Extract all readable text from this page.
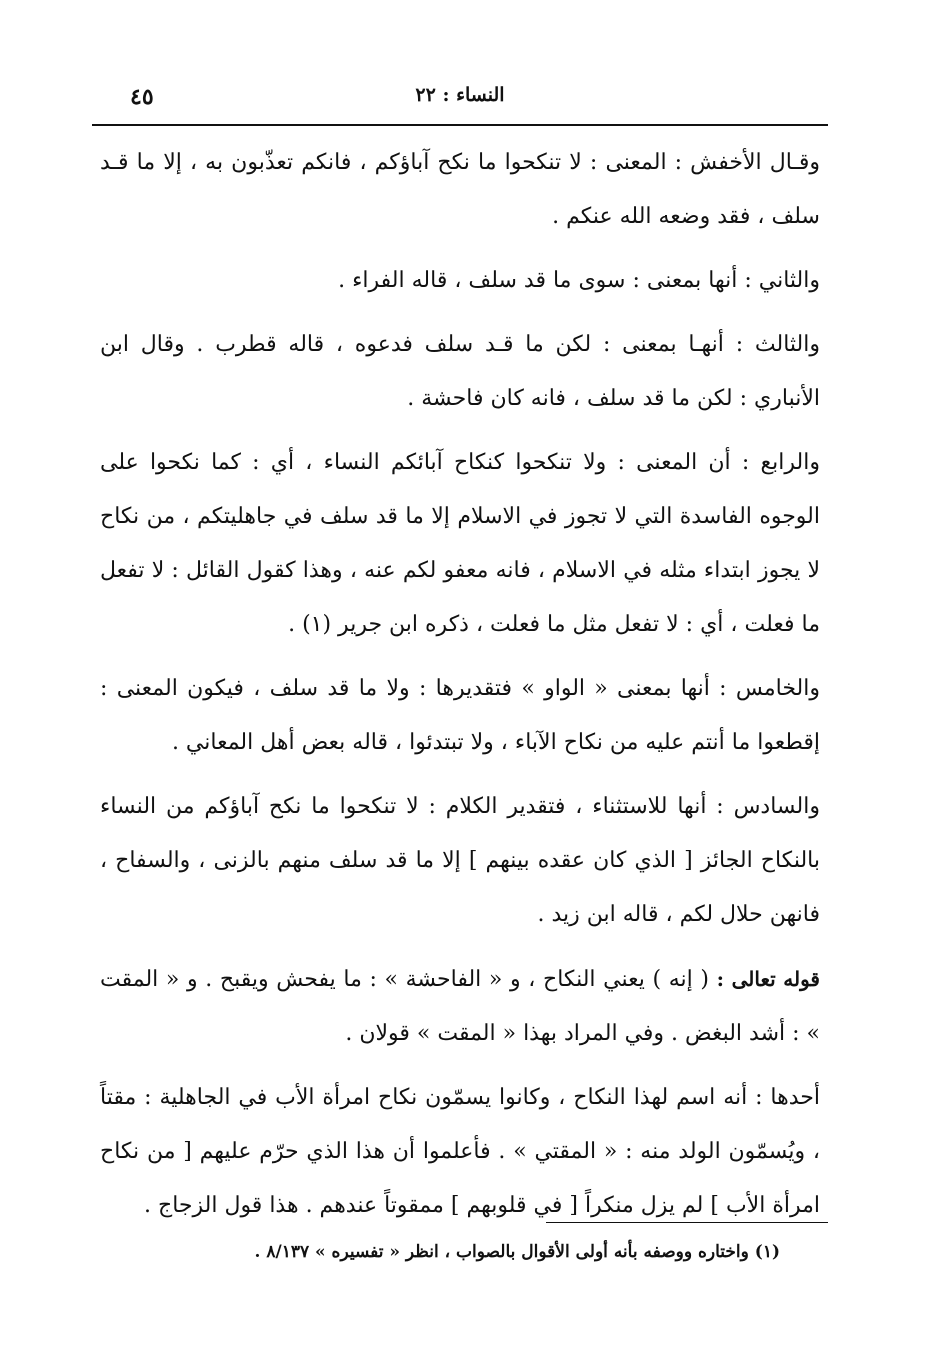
النساء : ٢٢
٤٥

وقـال الأخفش : المعنى : لا تنكحوا ما نكح آباؤكم ، فانكم تعذّبون به ، إلا ما قـد سلف ، فقد وضعه الله عنكم .

والثاني : أنها بمعنى : سوى ما قد سلف ، قاله الفراء .

والثالث : أنهـا بمعنى : لكن ما قـد سلف فدعوه ، قاله قطرب . وقال ابن الأنباري : لكن ما قد سلف ، فانه كان فاحشة .

والرابع : أن المعنى : ولا تنكحوا كنكاح آبائكم النساء ، أي : كما نكحوا على الوجوه الفاسدة التي لا تجوز في الاسلام إلا ما قد سلف في جاهليتكم ، من نكاح لا يجوز ابتداء مثله في الاسلام ، فانه معفو لكم عنه ، وهذا كقول القائل : لا تفعل ما فعلت ، أي : لا تفعل مثل ما فعلت ، ذكره ابن جرير (١) .

والخامس : أنها بمعنى « الواو » فتقديرها : ولا ما قد سلف ، فيكون المعنى : إقطعوا ما أنتم عليه من نكاح الآباء ، ولا تبتدئوا ، قاله بعض أهل المعاني .

والسادس : أنها للاستثناء ، فتقدير الكلام : لا تنكحوا ما نكح آباؤكم من النساء بالنكاح الجائز [ الذي كان عقده بينهم ] إلا ما قد سلف منهم بالزنى ، والسفاح ، فانهن حلال لكم ، قاله ابن زيد .

قوله تعالى : ( إنه ) يعني النكاح ، و « الفاحشة » : ما يفحش ويقبح . و « المقت » : أشد البغض . وفي المراد بهذا « المقت » قولان .

أحدها : أنه اسم لهذا النكاح ، وكانوا يسمّون نكاح امرأة الأب في الجاهلية : مقتاً ، ويُسمّون الولد منه : « المقتي » . فأعلموا أن هذا الذي حرّم عليهم [ من نكاح امرأة الأب ] لم يزل منكراً [ في قلوبهم ] ممقوتاً عندهم . هذا قول الزجاج .

(١) واختاره ووصفه بأنه أولى الأقوال بالصواب ، انظر « تفسيره » ٨/١٣٧ .
